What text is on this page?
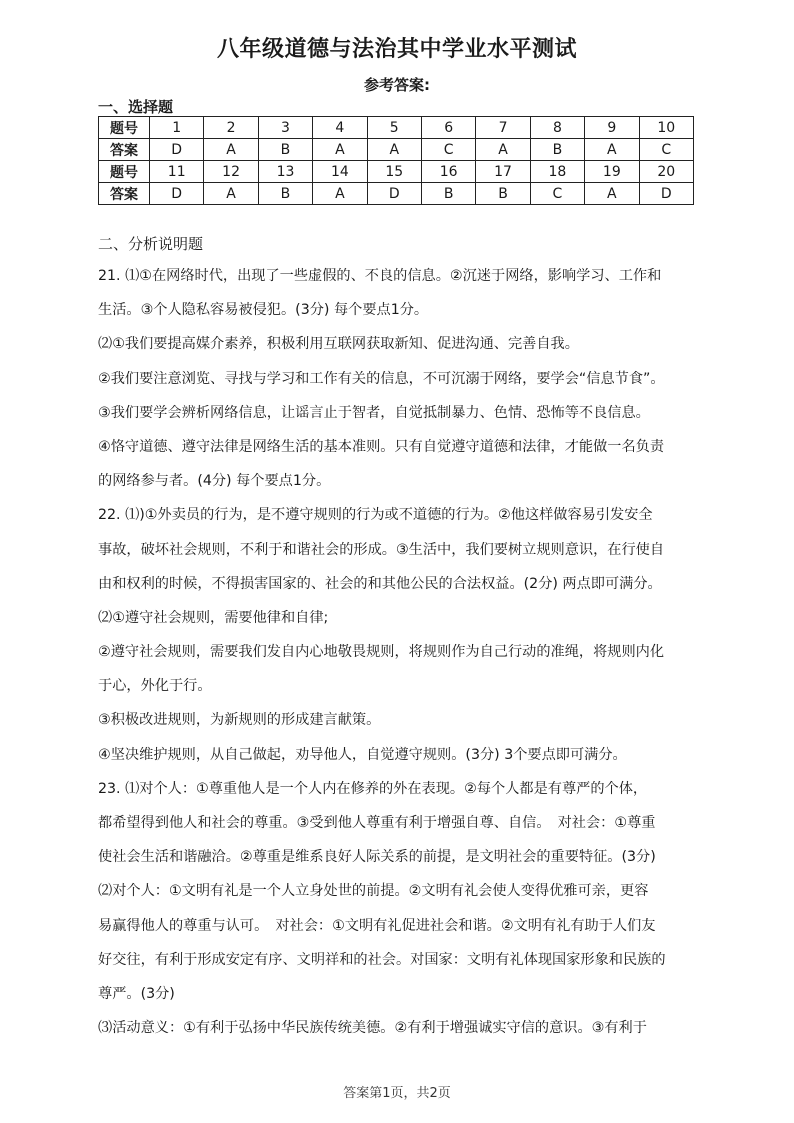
八年级道德与法治其中学业水平测试
参考答案:
一、选择题
题号	1	2	3	4	5	6	7	8	9	10
答案	D	A	B	A	A	C	A	B	A	C
题号	11	12	13	14	15	16	17	18	19	20
答案	D	A	B	A	D	B	B	C	A	D
二、分析说明题
21. ⑴①在网络时代，出现了一些虚假的、不良的信息。②沉迷于网络，影响学习、工作和
生活。③个人隐私容易被侵犯。(3分) 每个要点1分。
⑵①我们要提高媒介素养，积极利用互联网获取新知、促进沟通、完善自我。
②我们要注意浏览、寻找与学习和工作有关的信息，不可沉溺于网络，要学会“信息节食”。
③我们要学会辨析网络信息，让谣言止于智者，自觉抵制暴力、色情、恐怖等不良信息。
④恪守道德、遵守法律是网络生活的基本准则。只有自觉遵守道德和法律，才能做一名负责
的网络参与者。(4分) 每个要点1分。
22. ⑴)①外卖员的行为，是不遵守规则的行为或不道德的行为。②他这样做容易引发安全
事故，破坏社会规则，不利于和谐社会的形成。③生活中，我们要树立规则意识，在行使自
由和权利的时候，不得损害国家的、社会的和其他公民的合法权益。(2分) 两点即可满分。
⑵①遵守社会规则，需要他律和自律;
②遵守社会规则，需要我们发自内心地敬畏规则，将规则作为自己行动的准绳，将规则内化
于心，外化于行。
③积极改进规则，为新规则的形成建言献策。
④坚决维护规则，从自己做起，劝导他人，自觉遵守规则。(3分) 3个要点即可满分。
23. ⑴对个人：①尊重他人是一个人内在修养的外在表现。②每个人都是有尊严的个体，
都希望得到他人和社会的尊重。③受到他人尊重有利于增强自尊、自信。　对社会：①尊重
使社会生活和谐融洽。②尊重是维系良好人际关系的前提，是文明社会的重要特征。(3分)
⑵对个人：①文明有礼是一个人立身处世的前提。②文明有礼会使人变得优雅可亲，更容
易赢得他人的尊重与认可。　对社会：①文明有礼促进社会和谐。②文明有礼有助于人们友
好交往，有利于形成安定有序、文明祥和的社会。对国家：文明有礼体现国家形象和民族的
尊严。(3分)
⑶活动意义：①有利于弘扬中华民族传统美德。②有利于增强诚实守信的意识。③有利于
答案第1页，共2页
